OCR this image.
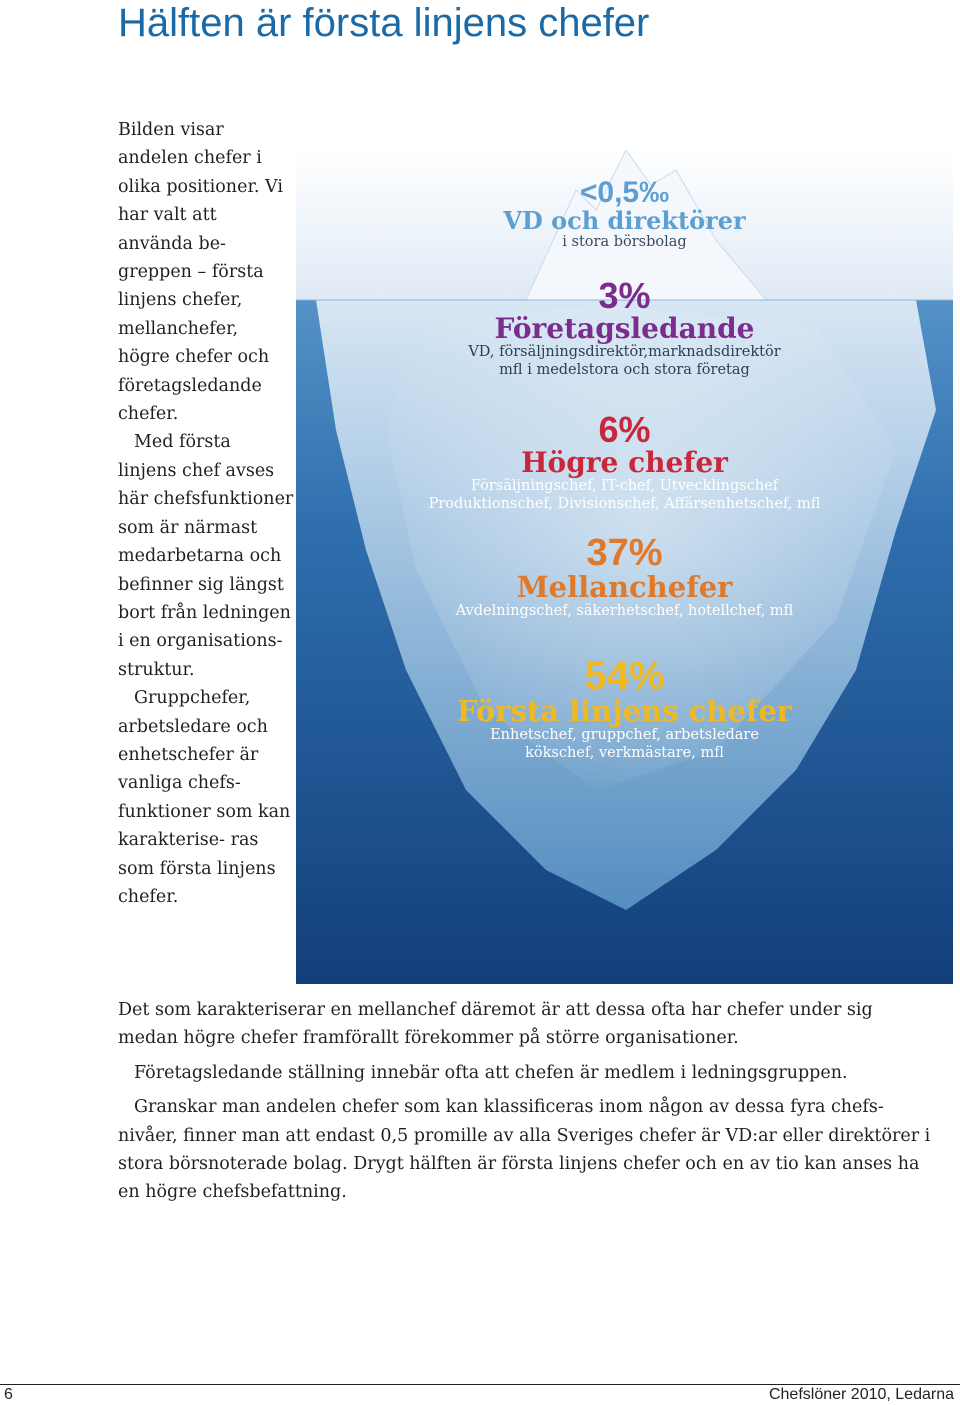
Hälften är första linjens chefer

Bilden visar andelen chefer i olika positioner. Vi har valt att använda be- greppen – första linjens chefer, mellanchefer, högre chefer och företagsledande chefer.

Med första linjens chef avses här chefsfunktioner som är närmast medarbetarna och befinner sig längst bort från ledningen i en organisations- struktur.

Gruppchefer, arbetsledare och enhetschefer är vanliga chefs- funktioner som kan karakterise- ras som första linjens chefer.

<0,5‰
VD och direktörer
i stora börsbolag
3%
Företagsledande
VD, försäljningsdirektör,marknadsdirektör
mfl i medelstora och stora företag
6%
Högre chefer
Försäljningschef, IT-chef, Utvecklingschef
Produktionschef, Divisionschef, Affärsenhetschef, mfl
37%
Mellanchefer
Avdelningschef, säkerhetschef, hotellchef, mfl
54%
Första linjens chefer
Enhetschef, gruppchef, arbetsledare
kökschef, verkmästare, mfl

Det som karakteriserar en mellanchef däremot är att dessa ofta har chefer under sig medan högre chefer framförallt förekommer på större organisationer.

Företagsledande ställning innebär ofta att chefen är medlem i ledningsgruppen.

Granskar man andelen chefer som kan klassificeras inom någon av dessa fyra chefs- nivåer, finner man att endast 0,5 promille av alla Sveriges chefer är VD:ar eller direktörer i stora börsnoterade bolag. Drygt hälften är första linjens chefer och en av tio kan anses ha en högre chefsbefattning.

6	Chefslöner 2010, Ledarna
